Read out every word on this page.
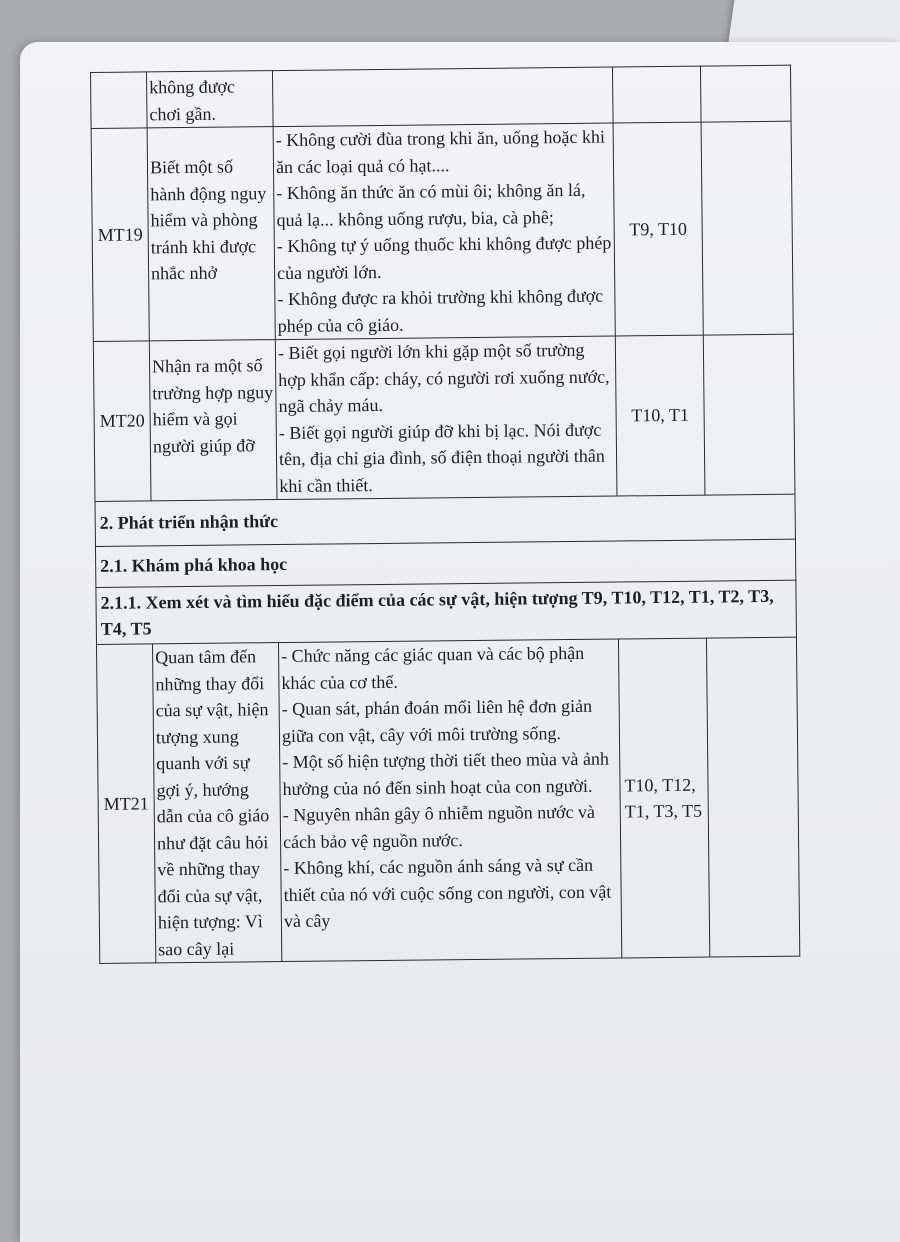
	không được chơi gần.			
MT19	Biết một số hành động nguy hiểm và phòng tránh khi được nhắc nhở	- Không cười đùa trong khi ăn, uống hoặc khi ăn các loại quả có hạt....
- Không ăn thức ăn có mùi ôi; không ăn lá, quả lạ... không uống rượu, bia, cà phê;
- Không tự ý uống thuốc khi không được phép của người lớn.
- Không được ra khỏi trường khi không được phép của cô giáo.	T9, T10	
MT20	Nhận ra một số trường hợp nguy hiểm và gọi người giúp đỡ	- Biết gọi người lớn khi gặp một số trường hợp khẩn cấp: cháy, có người rơi xuống nước, ngã chảy máu.
- Biết gọi người giúp đỡ khi bị lạc. Nói được tên, địa chỉ gia đình, số điện thoại người thân khi cần thiết.	T10, T1	
2. Phát triển nhận thức				
2.1. Khám phá khoa học				
2.1.1. Xem xét và tìm hiểu đặc điểm của các sự vật, hiện tượng T9, T10, T12, T1, T2, T3, T4, T5				
MT21	Quan tâm đến những thay đổi của sự vật, hiện tượng xung quanh với sự gợi ý, hướng dẫn của cô giáo như đặt câu hỏi về những thay đổi của sự vật, hiện tượng: Vì sao cây lại	- Chức năng các giác quan và các bộ phận khác của cơ thể.
- Quan sát, phán đoán mối liên hệ đơn giản giữa con vật, cây với môi trường sống.
- Một số hiện tượng thời tiết theo mùa và ảnh hưởng của nó đến sinh hoạt của con người.
- Nguyên nhân gây ô nhiễm nguồn nước và cách bảo vệ nguồn nước.
- Không khí, các nguồn ánh sáng và sự cần thiết của nó với cuộc sống con người, con vật và cây	T10, T12, T1, T3, T5	
